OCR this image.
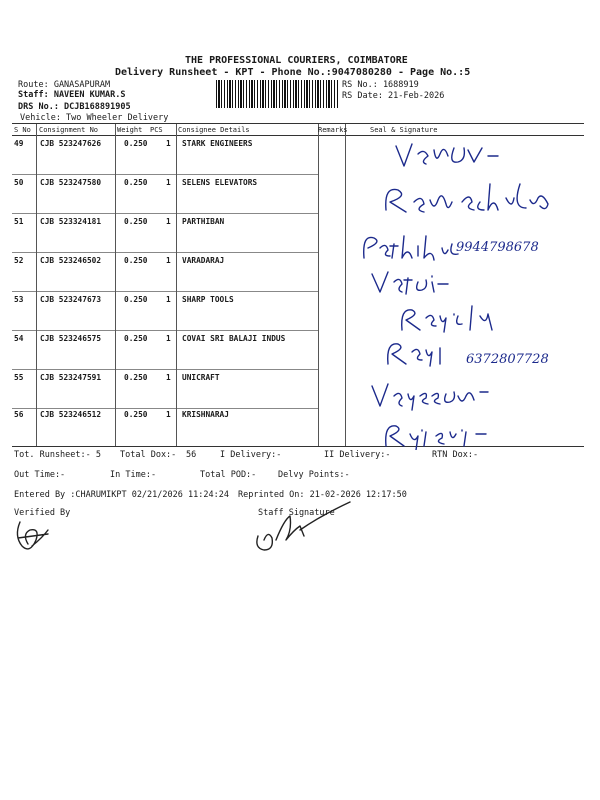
THE PROFESSIONAL COURIERS, COIMBATORE
Delivery Runsheet - KPT - Phone No.:9047080280 - Page No.:5
Route: GANASAPURAM
Staff: NAVEEN KUMAR.S
DRS No.: DCJB168891905
Vehicle: Two Wheeler Delivery
RS No.: 1688919
RS Date: 21-Feb-2026
S No Consignment No	Weight PCS Consignee Details	Remarks	Seal & Signature
49 CJB 523247626	0.250 1 STARK ENGINEERS
50 CJB 523247580	0.250 1 SELENS ELEVATORS
51 CJB 523324181	0.250 1 PARTHIBAN
52 CJB 523246502	0.250 1 VARADARAJ
53 CJB 523247673	0.250 1 SHARP TOOLS
54 CJB 523246575	0.250 1 COVAI SRI BALAJI INDUS
55 CJB 523247591	0.250 1 UNICRAFT
56 CJB 523246512	0.250 1 KRISHNARAJ
9944798678
6372807728
Tot. Runsheet:- 5 Total Dox:- 56	I Delivery:-	II Delivery:-	RTN Dox:-
Out Time:-	In Time:-	Total POD:-	Delvy Points:-
Entered By :CHARUMIKPT 02/21/2026 11:24:24 Reprinted On: 21-02-2026 12:17:50
Verified By	Staff Signature
